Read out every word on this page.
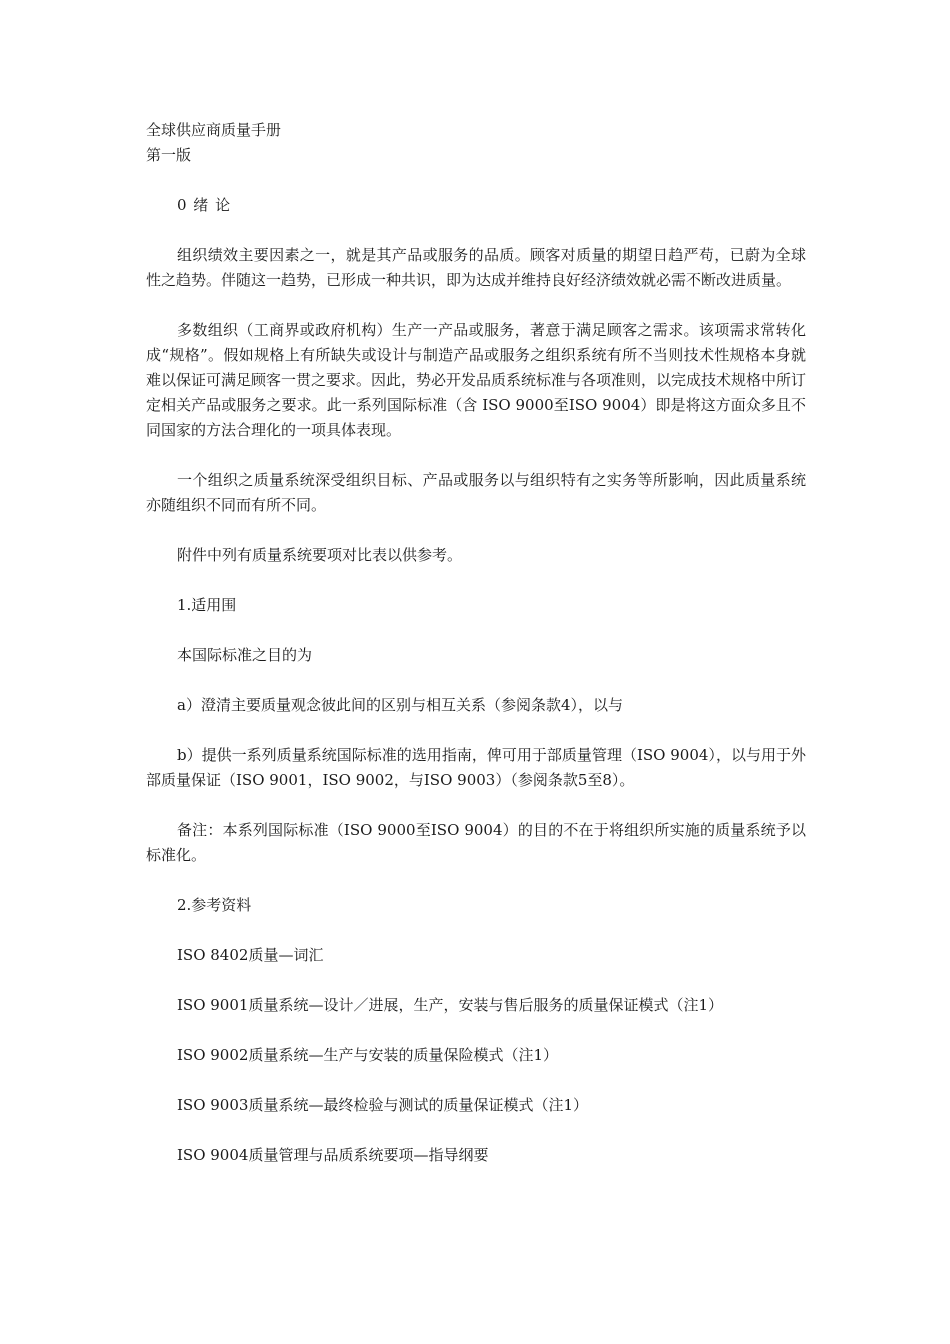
全球供应商质量手册

第一版

0 绪 论

组织绩效主要因素之一，就是其产品或服务的品质。顾客对质量的期望日趋严苟，已蔚为全球性之趋势。伴随这一趋势，已形成一种共识，即为达成并维持良好经济绩效就必需不断改进质量。

多数组织（工商界或政府机构）生产一产品或服务，著意于满足顾客之需求。该项需求常转化成“规格”。假如规格上有所缺失或设计与制造产品或服务之组织系统有所不当则技术性规格本身就难以保证可满足顾客一贯之要求。因此，势必开发品质系统标准与各项准则，以完成技术规格中所订定相关产品或服务之要求。此一系列国际标准（含 ISO 9000至ISO 9004）即是将这方面众多且不同国家的方法合理化的一项具体表现。

一个组织之质量系统深受组织目标、产品或服务以与组织特有之实务等所影响，因此质量系统亦随组织不同而有所不同。

附件中列有质量系统要项对比表以供参考。

1.适用围

本国际标准之目的为

a）澄清主要质量观念彼此间的区别与相互关系（参阅条款4），以与

b）提供一系列质量系统国际标准的选用指南，俾可用于部质量管理（ISO 9004），以与用于外部质量保证（ISO 9001，ISO 9002，与ISO 9003）（参阅条款5至8）。

备注：本系列国际标准（ISO 9000至ISO 9004）的目的不在于将组织所实施的质量系统予以标准化。

2.参考资料

ISO 8402质量—词汇

ISO 9001质量系统—设计／进展，生产，安装与售后服务的质量保证模式（注1）

ISO 9002质量系统—生产与安装的质量保险模式（注1）

ISO 9003质量系统—最终检验与测试的质量保证模式（注1）

ISO 9004质量管理与品质系统要项—指导纲要
